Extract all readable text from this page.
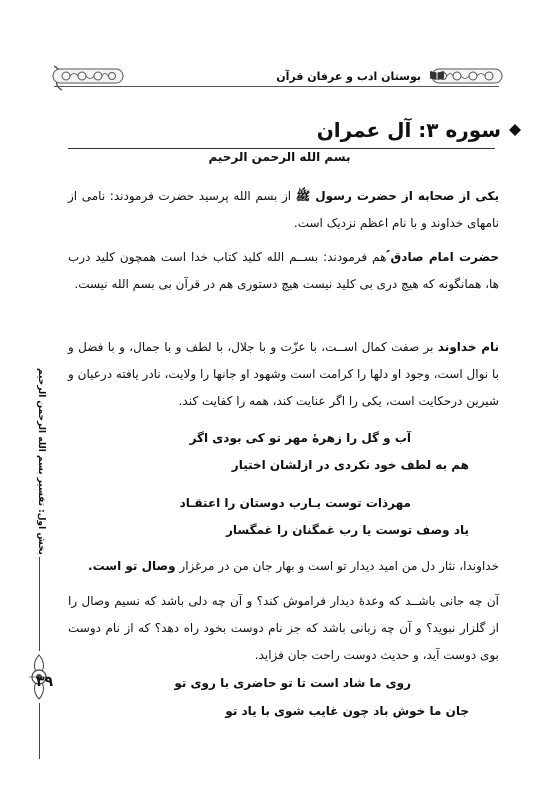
بوستان ادب و عرفان قرآن
بخش اول: تفسیر بسم الله الرحمن الرحیم
۳۹
سوره ۳: آل عمران
بسم الله الرحمن الرحیم
یکی از صحابه از حضرت رسول ﷺ از بسم الله پرسید حضرت فرمودند: نامی از نامهای خداوند و با نام اعظم نزدیک است.
حضرت امام صادق ؑهم فرمودند: بســم الله کلید کتاب خدا است همچون کلید درب ها، همانگونه که هیچ دری بی کلید نیست هیچ دستوری هم در قرآن بی بسم الله نیست.
نام خداوند بر صفت کمال اســت، با عزّت و با جلال، با لطف و با جمال، و با فضل و با نوال است، وجود او دلها را کرامت است وشهود او جانها را ولایت، نادر یافته درعیان و شیرین درحکایت است، یکی را اگر عنایت کند، همه را کفایت کند.
آب و گل را زهرهٔ مهر تو کی بودی اگر
هم به لطف خود نکردی در ازلشان اختیار
مهرذات توست یـارب دوستان را اعتقـاد
یاد وصف توست یا رب غمگنان را غمگسار
خداوندا، نثار دل من امید دیدار تو است و بهار جان من در مرغزار وصال تو است.
آن چه جانی باشــد که وعدهٔ دیدار فراموش کند؟ و آن چه دلی باشد که نسیم وصال را از گلزار نبوید؟ و آن چه زبانی باشد که جز نام دوست بخود راه دهد؟ که از نام دوست بوی دوست آید، و حدیث دوست راحت جان فزاید.
روی ما شاد است تا تو حاضری با روی تو
جان ما خوش باد چون غایب شوی با یاد تو
